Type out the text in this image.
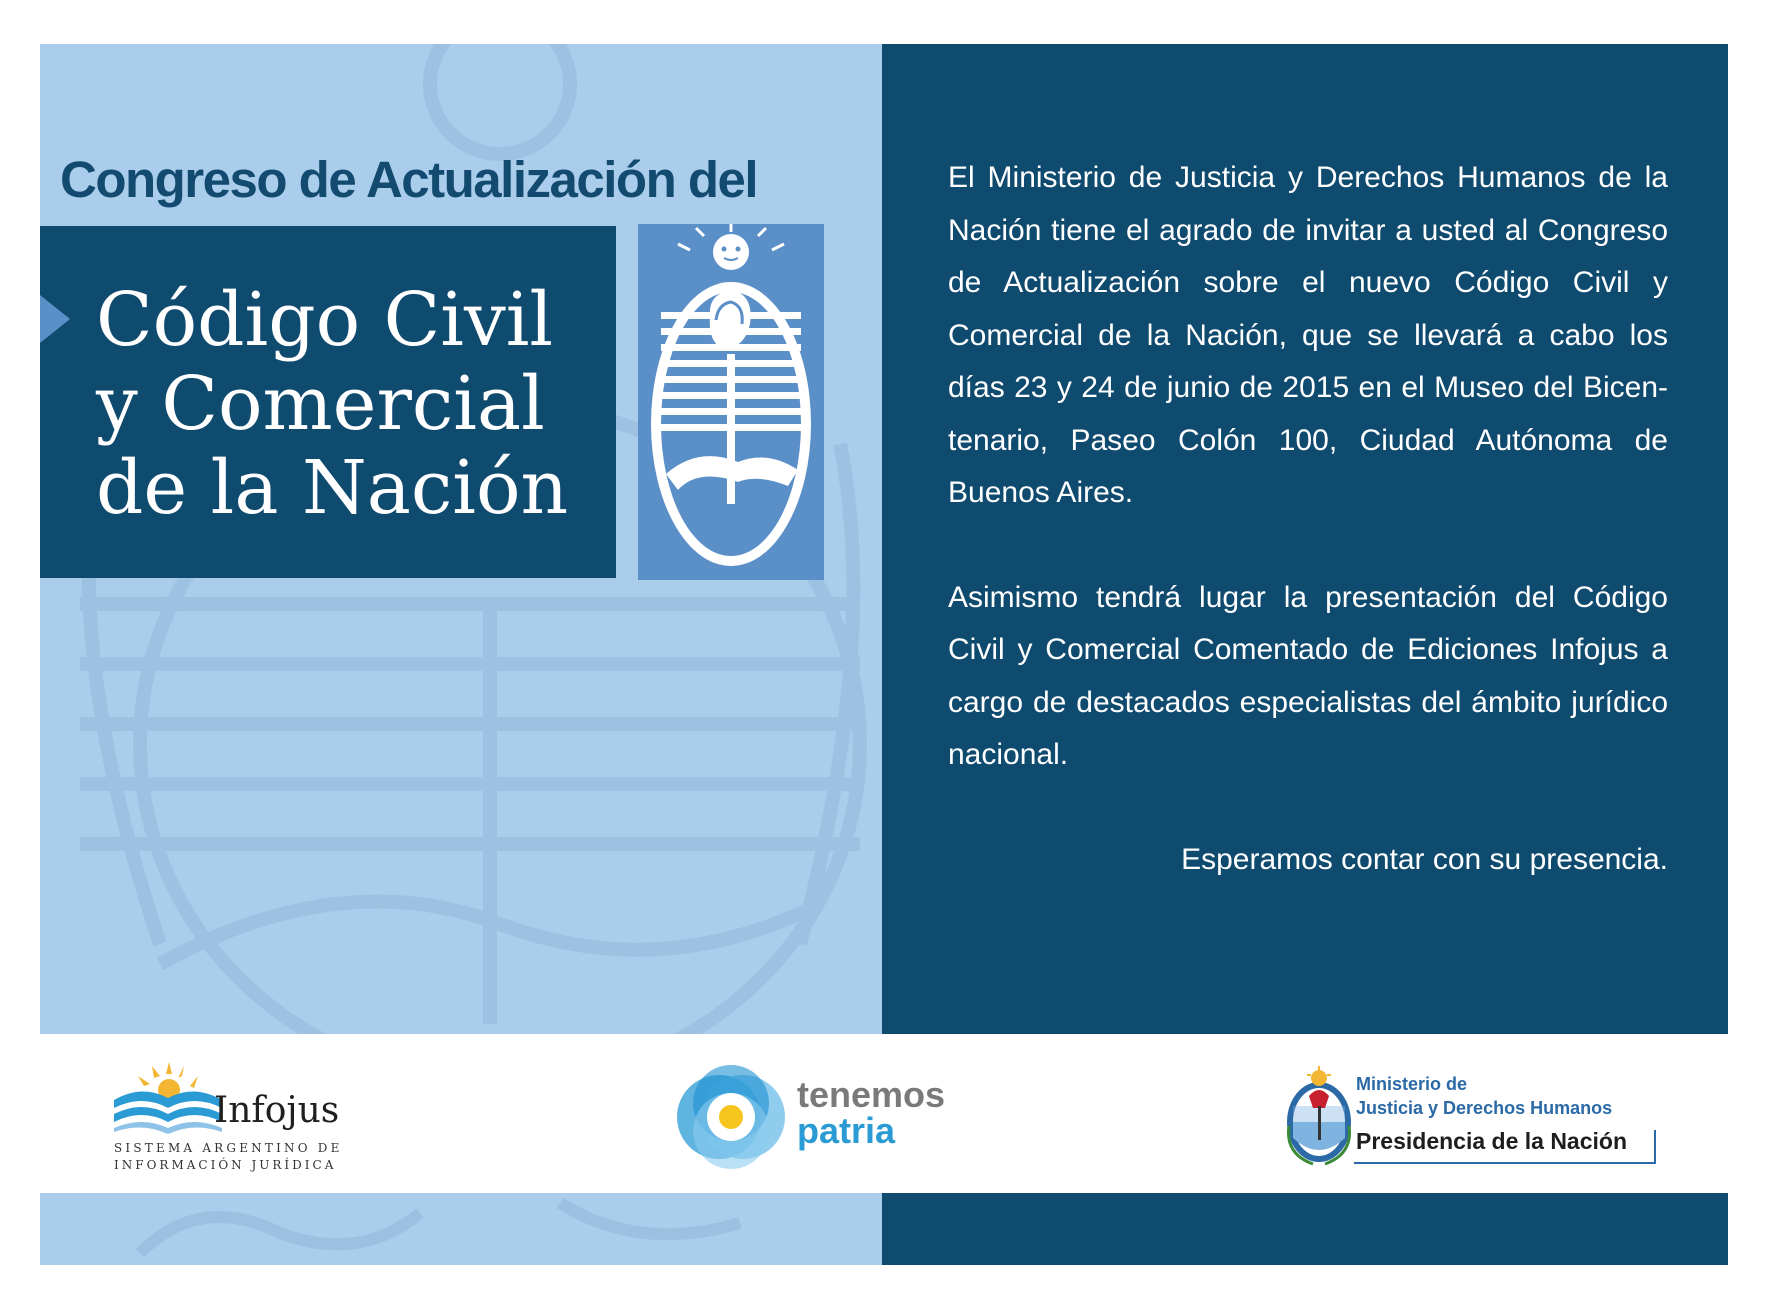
Congreso de Actualización del
Código Civil
y Comercial
de la Nación

El Ministerio de Justicia y Derechos Humanos de la Nación tiene el agrado de invitar a usted al Congreso de Actualización sobre el nuevo Código Civil y Comercial de la Nación, que se llevará a cabo los días 23 y 24 de junio de 2015 en el Museo del Bicen-tenario, Paseo Colón 100, Ciudad Autónoma de Buenos Aires.

Asimismo tendrá lugar la presentación del Código Civil y Comercial Comentado de Ediciones Infojus a cargo de destacados especialistas del ámbito jurídico nacional.

Esperamos contar con su presencia.

Infojus
SISTEMA ARGENTINO DE
INFORMACIÓN JURÍDICA
tenemos
patria
Ministerio de
Justicia y Derechos Humanos
Presidencia de la Nación
